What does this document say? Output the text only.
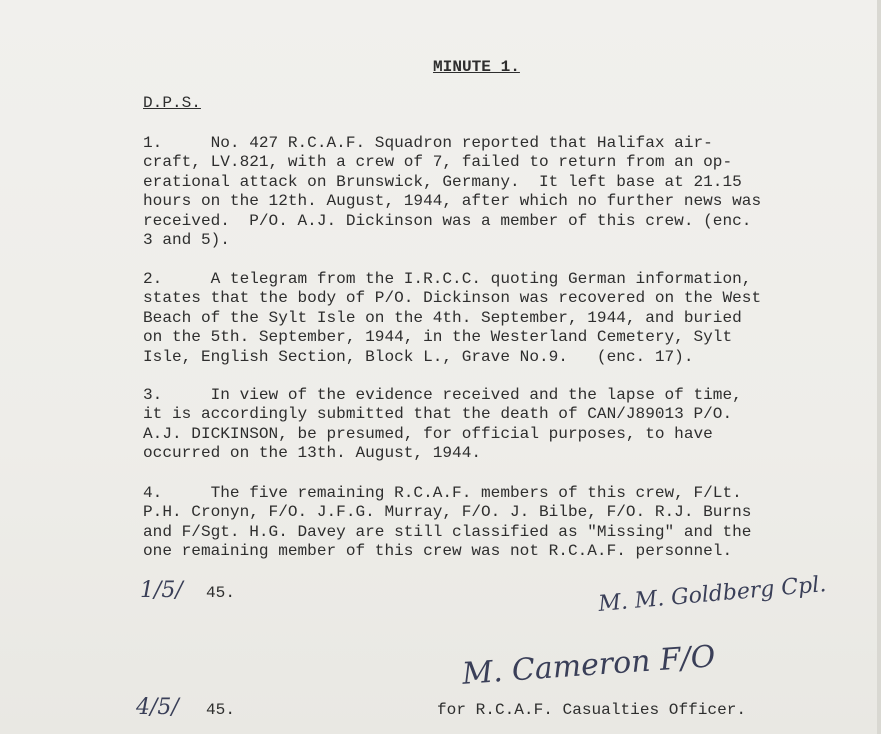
MINUTE 1.
D.P.S.
1.     No. 427 R.C.A.F. Squadron reported that Halifax air-
craft, LV.821, with a crew of 7, failed to return from an op-
erational attack on Brunswick, Germany.  It left base at 21.15
hours on the 12th. August, 1944, after which no further news was
received.  P/O. A.J. Dickinson was a member of this crew. (enc.
3 and 5).
2.     A telegram from the I.R.C.C. quoting German information,
states that the body of P/O. Dickinson was recovered on the West
Beach of the Sylt Isle on the 4th. September, 1944, and buried
on the 5th. September, 1944, in the Westerland Cemetery, Sylt
Isle, English Section, Block L., Grave No.9.   (enc. 17).
3.     In view of the evidence received and the lapse of time,
it is accordingly submitted that the death of CAN/J89013 P/O.
A.J. DICKINSON, be presumed, for official purposes, to have
occurred on the 13th. August, 1944.
4.     The five remaining R.C.A.F. members of this crew, F/Lt.
P.H. Cronyn, F/O. J.F.G. Murray, F/O. J. Bilbe, F/O. R.J. Burns
and F/Sgt. H.G. Davey are still classified as "Missing" and the
one remaining member of this crew was not R.C.A.F. personnel.
1/5/ 45.	M. M. Goldberg Cpl.
4/5/ 45.
M. Cameron F/O
for R.C.A.F. Casualties Officer.
